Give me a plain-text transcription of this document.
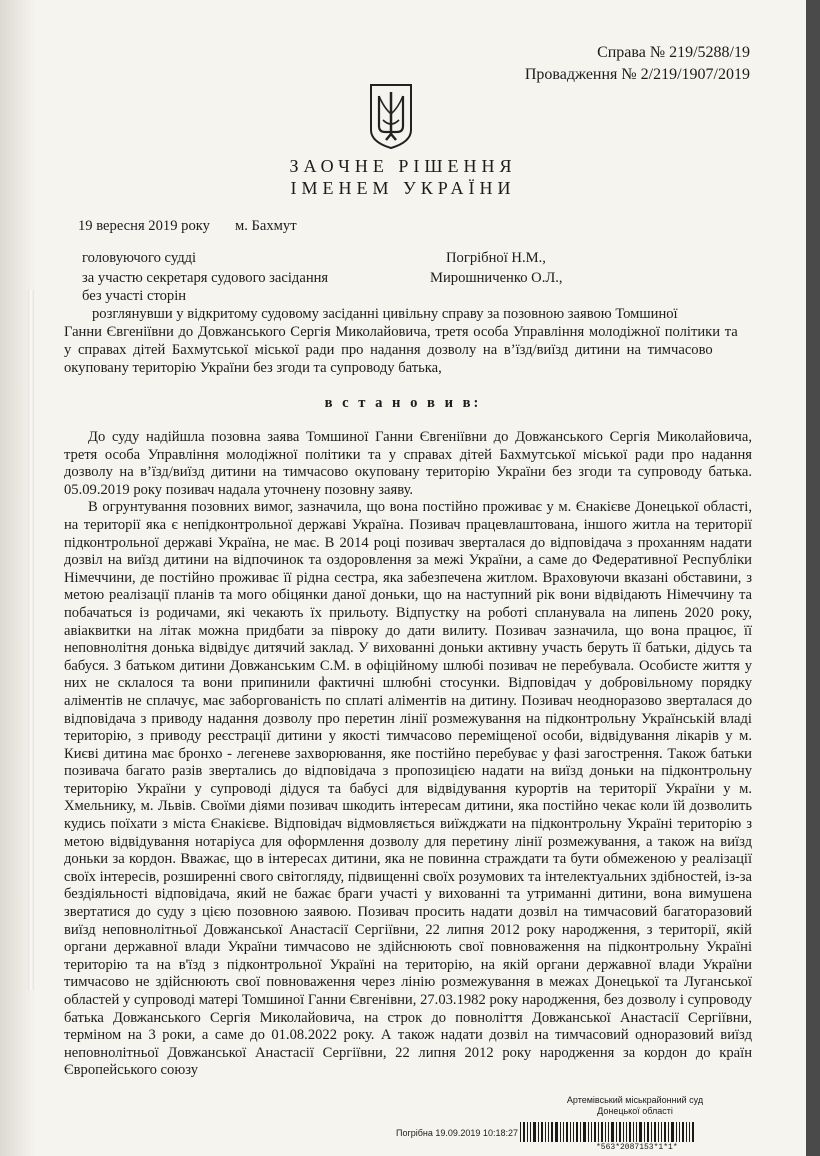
Справа № 219/5288/19
Провадження № 2/219/1907/2019
ЗАОЧНЕ РІШЕННЯ
ІМЕНЕМ УКРАЇНИ
19 вересня 2019 року м. Бахмут
головуючого судді	Погрібної Н.М.,
за участю секретаря судового засідання	Мирошниченко О.Л.,
без участі сторін
розглянувши у відкритому судовому засіданні цивільну справу за позовною заявою Томшиної
Ганни Євгеніївни до Довжанського Сергія Миколайовича, третя особа Управління молодіжної політики та
у справах дітей Бахмутської міської ради про надання дозволу на в’їзд/виїзд дитини на тимчасово
окуповану територію України без згоди та супроводу батька,
в с т а н о в и в:

До суду надійшла позовна заява Томшиної Ганни Євгеніївни до Довжанського Сергія Миколайовича, третя особа Управління молодіжної політики та у справах дітей Бахмутської міської ради про надання дозволу на в’їзд/виїзд дитини на тимчасово окуповану територію України без згоди та супроводу батька. 05.09.2019 року позивач надала уточнену позовну заяву.

В огрунтування позовних вимог, зазначила, що вона постійно проживає у м. Єнакієве Донецької області, на території яка є непідконтрольної державі Україна. Позивач працевлаштована, іншого житла на території підконтрольної державі Україна, не має. В 2014 році позивач зверталася до відповідача з проханням надати дозвіл на виїзд дитини на відпочинок та оздоровлення за межі України, а саме до Федеративної Республіки Німеччини, де постійно проживає її рідна сестра, яка забезпечена житлом. Враховуючи вказані обставини, з метою реалізації планів та мого обіцянки даної доньки, що на наступний рік вони відвідають Німеччину та побачаться із родичами, які чекають їх прильоту. Відпустку на роботі спланувала на липень 2020 року, авіаквитки на літак можна придбати за півроку до дати вилиту. Позивач зазначила, що вона працює, її неповнолітня донька відвідує дитячий заклад. У вихованні доньки активну участь беруть її батьки, дідусь та бабуся. З батьком дитини Довжанським С.М. в офіційному шлюбі позивач не перебувала. Особисте життя у них не склалося та вони припинили фактичні шлюбні стосунки. Відповідач у добровільному порядку аліментів не сплачує, має заборгованість по сплаті аліментів на дитину. Позивач неодноразово зверталася до відповідача з приводу надання дозволу про перетин лінії розмежування на підконтрольну Українській владі територію, з приводу реєстрації дитини у якості тимчасово переміщеної особи, відвідування лікарів у м. Києві дитина має бронхо - легеневе захворювання, яке постійно перебуває у фазі загострення. Також батьки позивача багато разів звертались до відповідача з пропозицією надати на виїзд доньки на підконтрольну територію України у супроводі дідуся та бабусі для відвідування курортів на території України у м. Хмельнику, м. Львів. Своїми діями позивач шкодить інтересам дитини, яка постійно чекає коли їй дозволить кудись поїхати з міста Єнакієве. Відповідач відмовляється виїжджати на підконтрольну Україні територію з метою відвідування нотаріуса для оформлення дозволу для перетину лінії розмежування, а також на виїзд доньки за кордон. Вважає, що в інтересах дитини, яка не повинна страждати та бути обмеженою у реалізації своїх інтересів, розширенні свого світогляду, підвищенні своїх розумових та інтелектуальних здібностей, із-за бездіяльності відповідача, який не бажає браги участі у вихованні та утриманні дитини, вона вимушена звертатися до суду з цією позовною заявою. Позивач просить надати дозвіл на тимчасовий багаторазовий виїзд неповнолітньої Довжанської Анастасії Сергіївни, 22 липня 2012 року народження, з території, якій органи державної влади України тимчасово не здійснюють свої повноваження на підконтрольну Україні територію та на в'їзд з підконтрольної Україні на територію, на якій органи державної влади України тимчасово не здійснюють свої повноваження через лінію розмежування в межах Донецької та Луганської областей у супроводі матері Томшиної Ганни Євгенівни, 27.03.1982 року народження, без дозволу і супроводу батька Довжанського Сергія Миколайовича, на строк до повноліття Довжанської Анастасії Сергіївни, терміном на 3 роки, а саме до 01.08.2022 року. А також надати дозвіл на тимчасовий одноразовий виїзд неповнолітньої Довжанської Анастасії Сергіївни, 22 липня 2012 року народження за кордон до країн Європейського союзу

Артемівський міськрайонний суд
Донецької області
Погрібна 19.09.2019 10:18:27
*563*2087153*1*1*
